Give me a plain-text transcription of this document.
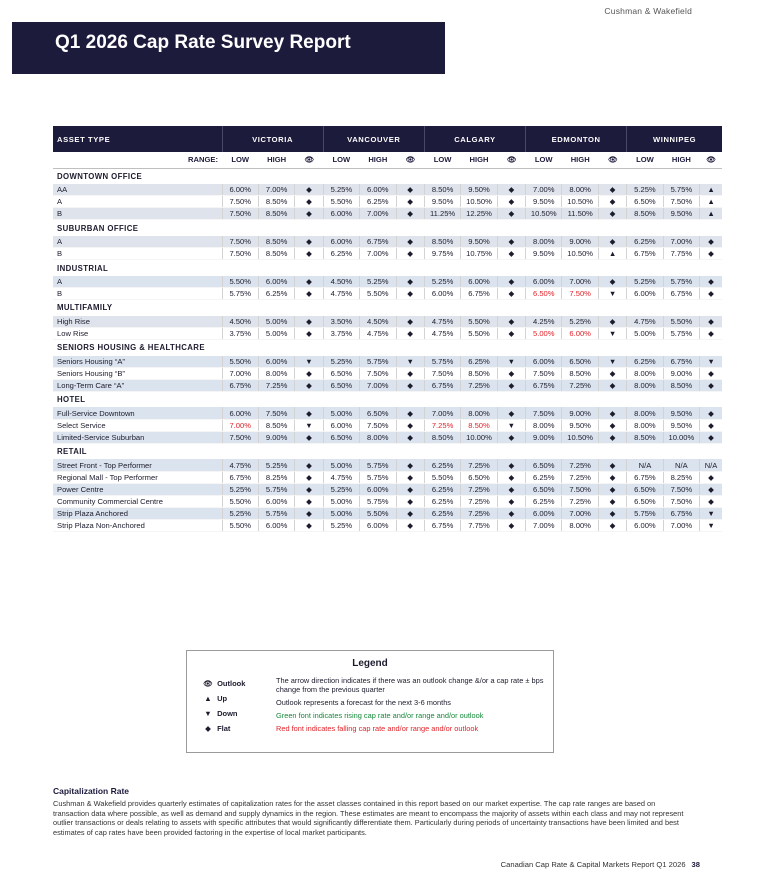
Cushman & Wakefield
Q1 2026 Cap Rate Survey Report
ASSET TYPE	VICTORIA			VANCOUVER			CALGARY			EDMONTON			WINNIPEG		
RANGE:	LOW	HIGH	👁	LOW	HIGH	👁	LOW	HIGH	👁	LOW	HIGH	👁	LOW	HIGH	👁
DOWNTOWN OFFICE															
AA	6.00%	7.00%	◆	5.25%	6.00%	◆	8.50%	9.50%	◆	7.00%	8.00%	◆	5.25%	5.75%	▲
A	7.50%	8.50%	◆	5.50%	6.25%	◆	9.50%	10.50%	◆	9.50%	10.50%	◆	6.50%	7.50%	▲
B	7.50%	8.50%	◆	6.00%	7.00%	◆	11.25%	12.25%	◆	10.50%	11.50%	◆	8.50%	9.50%	▲
SUBURBAN OFFICE															
A	7.50%	8.50%	◆	6.00%	6.75%	◆	8.50%	9.50%	◆	8.00%	9.00%	◆	6.25%	7.00%	◆
B	7.50%	8.50%	◆	6.25%	7.00%	◆	9.75%	10.75%	◆	9.50%	10.50%	▲	6.75%	7.75%	◆
INDUSTRIAL															
A	5.50%	6.00%	◆	4.50%	5.25%	◆	5.25%	6.00%	◆	6.00%	7.00%	◆	5.25%	5.75%	◆
B	5.75%	6.25%	◆	4.75%	5.50%	◆	6.00%	6.75%	◆	6.50%	7.50%	▼	6.00%	6.75%	◆
MULTIFAMILY															
High Rise	4.50%	5.00%	◆	3.50%	4.50%	◆	4.75%	5.50%	◆	4.25%	5.25%	◆	4.75%	5.50%	◆
Low Rise	3.75%	5.00%	◆	3.75%	4.75%	◆	4.75%	5.50%	◆	5.00%	6.00%	▼	5.00%	5.75%	◆
SENIORS HOUSING & HEALTHCARE															
Seniors Housing “A”	5.50%	6.00%	▼	5.25%	5.75%	▼	5.75%	6.25%	▼	6.00%	6.50%	▼	6.25%	6.75%	▼
Seniors Housing “B”	7.00%	8.00%	◆	6.50%	7.50%	◆	7.50%	8.50%	◆	7.50%	8.50%	◆	8.00%	9.00%	◆
Long-Term Care “A”	6.75%	7.25%	◆	6.50%	7.00%	◆	6.75%	7.25%	◆	6.75%	7.25%	◆	8.00%	8.50%	◆
HOTEL															
Full-Service Downtown	6.00%	7.50%	◆	5.00%	6.50%	◆	7.00%	8.00%	◆	7.50%	9.00%	◆	8.00%	9.50%	◆
Select Service	7.00%	8.50%	▼	6.00%	7.50%	◆	7.25%	8.50%	▼	8.00%	9.50%	◆	8.00%	9.50%	◆
Limited-Service Suburban	7.50%	9.00%	◆	6.50%	8.00%	◆	8.50%	10.00%	◆	9.00%	10.50%	◆	8.50%	10.00%	◆
RETAIL															
Street Front - Top Performer	4.75%	5.25%	◆	5.00%	5.75%	◆	6.25%	7.25%	◆	6.50%	7.25%	◆	N/A	N/A	N/A
Regional Mall - Top Performer	6.75%	8.25%	◆	4.75%	5.75%	◆	5.50%	6.50%	◆	6.25%	7.25%	◆	6.75%	8.25%	◆
Power Centre	5.25%	5.75%	◆	5.25%	6.00%	◆	6.25%	7.25%	◆	6.50%	7.50%	◆	6.50%	7.50%	◆
Community Commercial Centre	5.50%	6.00%	◆	5.00%	5.75%	◆	6.25%	7.25%	◆	6.25%	7.25%	◆	6.50%	7.50%	◆
Strip Plaza Anchored	5.25%	5.75%	◆	5.00%	5.50%	◆	6.25%	7.25%	◆	6.00%	7.00%	◆	5.75%	6.75%	▼
Strip Plaza Non-Anchored	5.50%	6.00%	◆	5.25%	6.00%	◆	6.75%	7.75%	◆	7.00%	8.00%	◆	6.00%	7.00%	▼
Legend
👁 Outlook
▲ Up
▼ Down
◆ Flat

The arrow direction indicates if there was an outlook change &/or a cap rate ± bps change from the previous quarter

Outlook represents a forecast for the next 3-6 months

Green font indicates rising cap rate and/or range and/or outlook

Red font indicates falling cap rate and/or range and/or outlook

Capitalization Rate
Cushman & Wakefield provides quarterly estimates of capitalization rates for the asset classes contained in this report based on our market expertise. The cap rate ranges are based on transaction data where possible, as well as demand and supply dynamics in the region. These estimates are meant to encompass the majority of assets within each class and may not represent outlier transactions or deals relating to assets with specific attributes that would significantly differentiate them. Particularly during periods of uncertainty transactions have been limited and best estimates of cap rates have been provided factoring in the expertise of local market participants.
Canadian Cap Rate & Capital Markets Report Q1 2026 38
